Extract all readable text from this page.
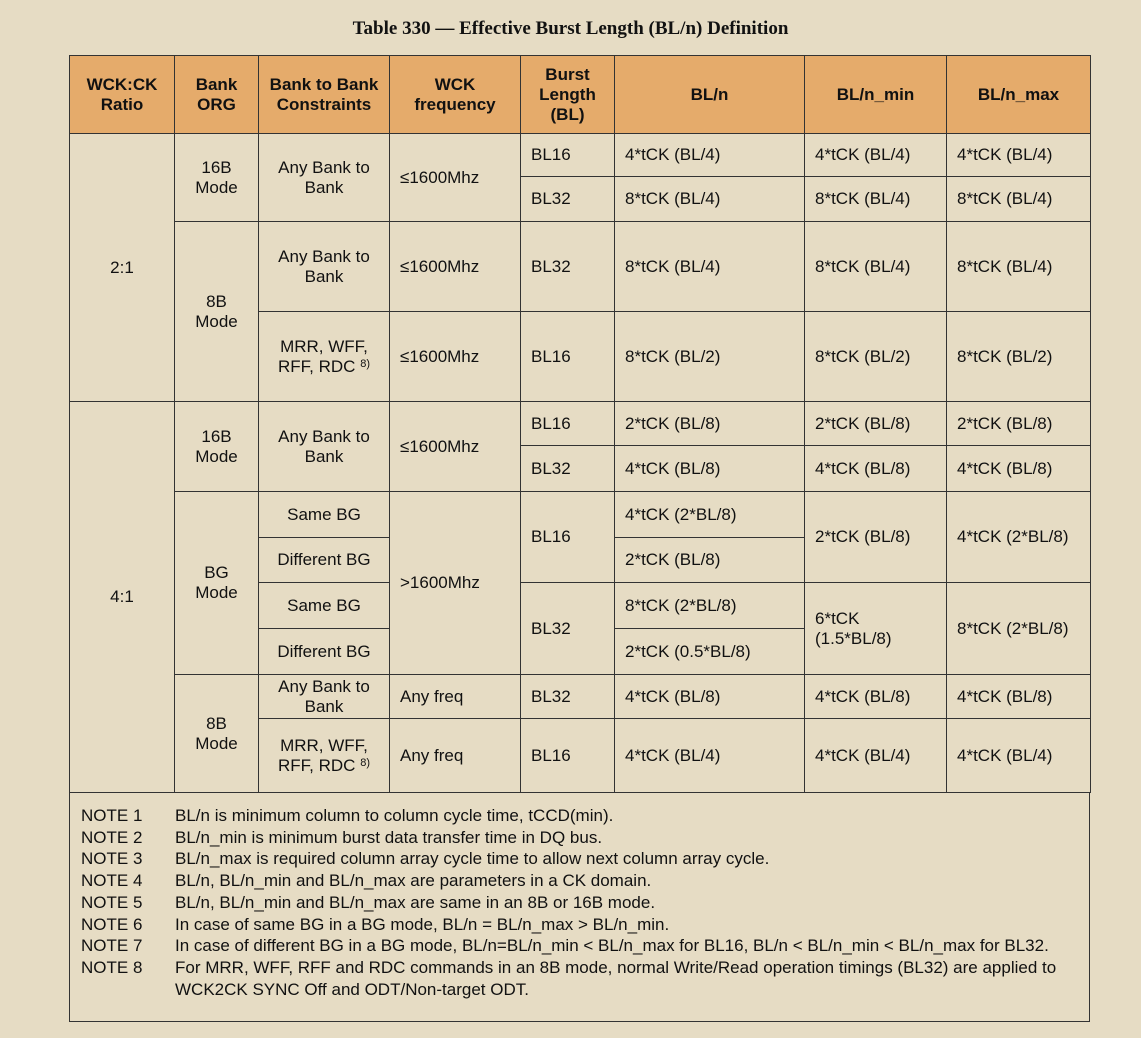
Table 330 — Effective Burst Length (BL/n) Definition
WCK:CK Ratio	Bank ORG	Bank to Bank Constraints	WCK frequency	Burst Length (BL)	BL/n	BL/n_min	BL/n_max
2:1	16B Mode	Any Bank to Bank	≤1600Mhz	BL16	4*tCK (BL/4)	4*tCK (BL/4)	4*tCK (BL/4)
				BL32	8*tCK (BL/4)	8*tCK (BL/4)	8*tCK (BL/4)
	8B Mode	Any Bank to Bank	≤1600Mhz	BL32	8*tCK (BL/4)	8*tCK (BL/4)	8*tCK (BL/4)
		MRR, WFF, RFF, RDC $^{8)}$	≤1600Mhz	BL16	8*tCK (BL/2)	8*tCK (BL/2)	8*tCK (BL/2)
4:1	16B Mode	Any Bank to Bank	≤1600Mhz	BL16	2*tCK (BL/8)	2*tCK (BL/8)	2*tCK (BL/8)
				BL32	4*tCK (BL/8)	4*tCK (BL/8)	4*tCK (BL/8)
	BG Mode	Same BG	>1600Mhz	BL16	4*tCK (2*BL/8)	2*tCK (BL/8)	4*tCK (2*BL/8)
		Different BG			2*tCK (BL/8)		
		Same BG		BL32	8*tCK (2*BL/8)	6*tCK (1.5*BL/8)	8*tCK (2*BL/8)
		Different BG			2*tCK (0.5*BL/8)		
	8B Mode	Any Bank to Bank	Any freq	BL32	4*tCK (BL/8)	4*tCK (BL/8)	4*tCK (BL/8)
		MRR, WFF, RFF, RDC $^{8)}$	Any freq	BL16	4*tCK (BL/4)	4*tCK (BL/4)	4*tCK (BL/4)
NOTE 1	BL/n is minimum column to column cycle time, tCCD(min).
NOTE 2	BL/n_min is minimum burst data transfer time in DQ bus.
NOTE 3	BL/n_max is required column array cycle time to allow next column array cycle.
NOTE 4	BL/n, BL/n_min and BL/n_max are parameters in a CK domain.
NOTE 5	BL/n, BL/n_min and BL/n_max are same in an 8B or 16B mode.
NOTE 6	In case of same BG in a BG mode, BL/n = BL/n_max > BL/n_min.
NOTE 7	In case of different BG in a BG mode, BL/n=BL/n_min < BL/n_max for BL16, BL/n < BL/n_min < BL/n_max for BL32.
NOTE 8	For MRR, WFF, RFF and RDC commands in an 8B mode, normal Write/Read operation timings (BL32) are applied to WCK2CK SYNC Off and ODT/Non-target ODT.
